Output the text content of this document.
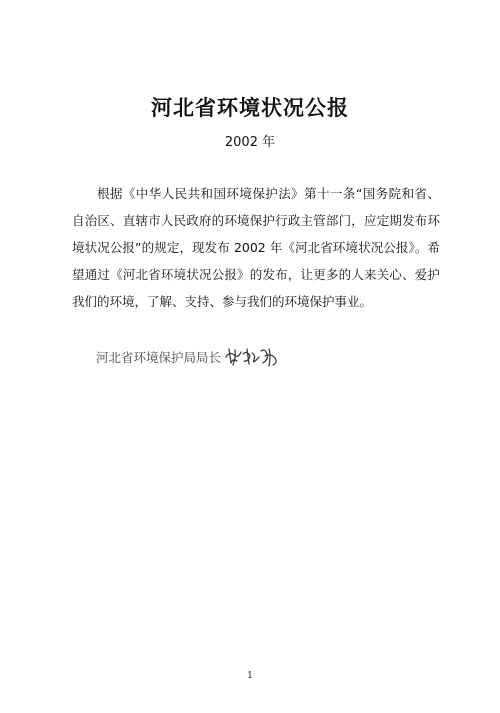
河北省环境状况公报
2002 年

根据《中华人民共和国环境保护法》第十一条“国务院和省、自治区、直辖市人民政府的环境保护行政主管部门，应定期发布环境状况公报”的规定，现发布 2002 年《河北省环境状况公报》。希望通过《河北省环境状况公报》的发布，让更多的人来关心、爱护我们的环境，了解、支持、参与我们的环境保护事业。

河北省环境保护局局长
1
